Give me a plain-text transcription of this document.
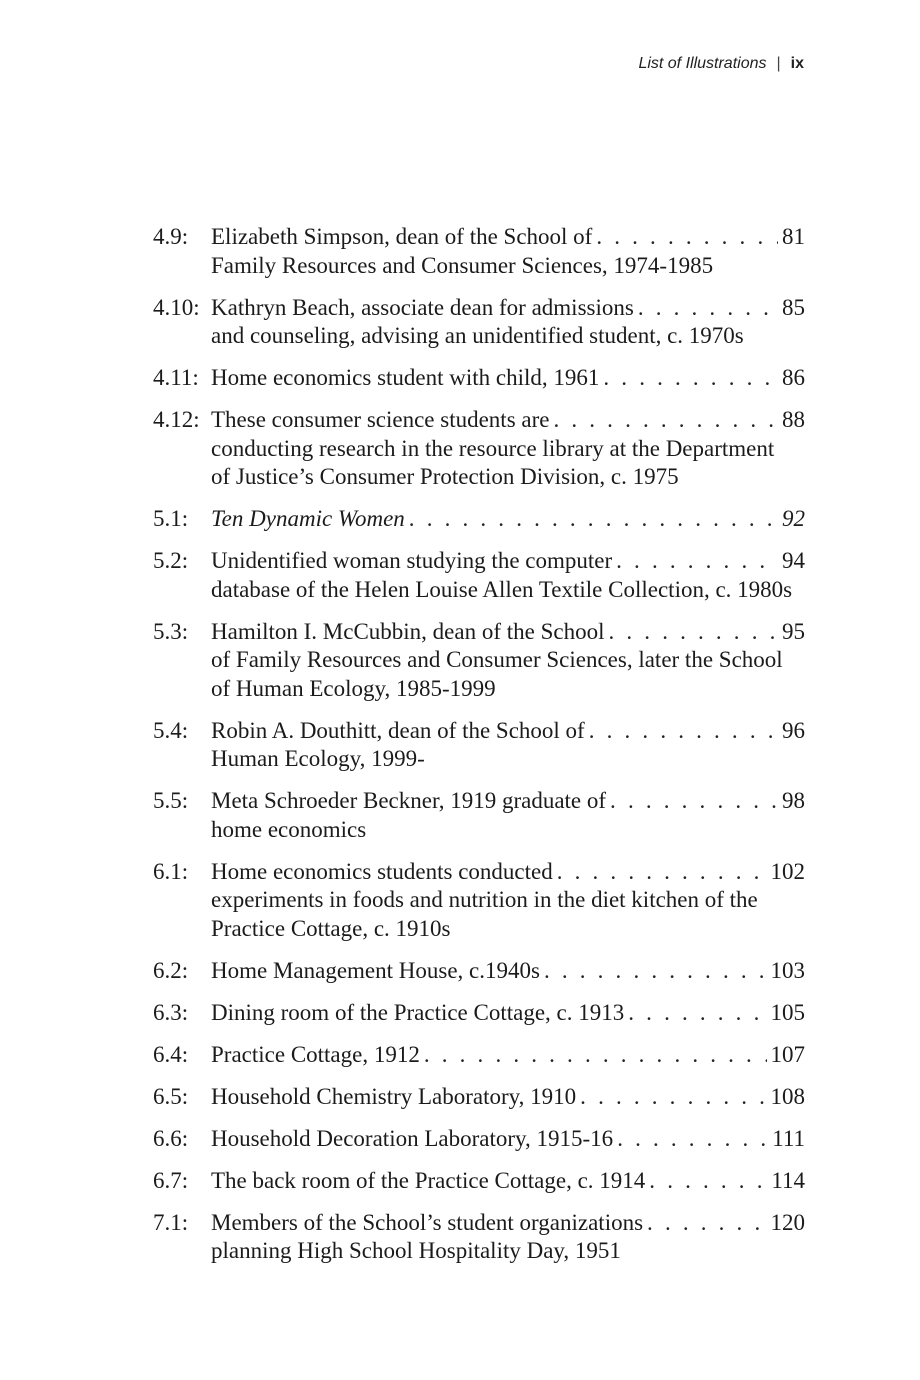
List of Illustrations | ix
4.9: Elizabeth Simpson, dean of the School of . . .	81
Family Resources and Consumer Sciences, 1974-1985
4.10: Kathryn Beach, associate dean for admissions . . .	85
and counseling, advising an unidentified student, c. 1970s
4.11: Home economics student with child, 1961 . . .	86
4.12: These consumer science students are . . .	88
conducting research in the resource library at the Department
of Justice’s Consumer Protection Division, c. 1975
5.1: Ten Dynamic Women . . .	92
5.2: Unidentified woman studying the computer . . .	94
database of the Helen Louise Allen Textile Collection, c. 1980s
5.3: Hamilton I. McCubbin, dean of the School . . .	95
of Family Resources and Consumer Sciences, later the School
of Human Ecology, 1985-1999
5.4: Robin A. Douthitt, dean of the School of . . .	96
Human Ecology, 1999-
5.5: Meta Schroeder Beckner, 1919 graduate of . . .	98
home economics
6.1: Home economics students conducted . . .	102
experiments in foods and nutrition in the diet kitchen of the
Practice Cottage, c. 1910s
6.2: Home Management House, c.1940s . . .	103
6.3: Dining room of the Practice Cottage, c. 1913 . . .	105
6.4: Practice Cottage, 1912 . . .	107
6.5: Household Chemistry Laboratory, 1910 . . .	108
6.6: Household Decoration Laboratory, 1915-16 . . .	111
6.7: The back room of the Practice Cottage, c. 1914 . . .	114
7.1: Members of the School’s student organizations . . .	120
planning High School Hospitality Day, 1951
